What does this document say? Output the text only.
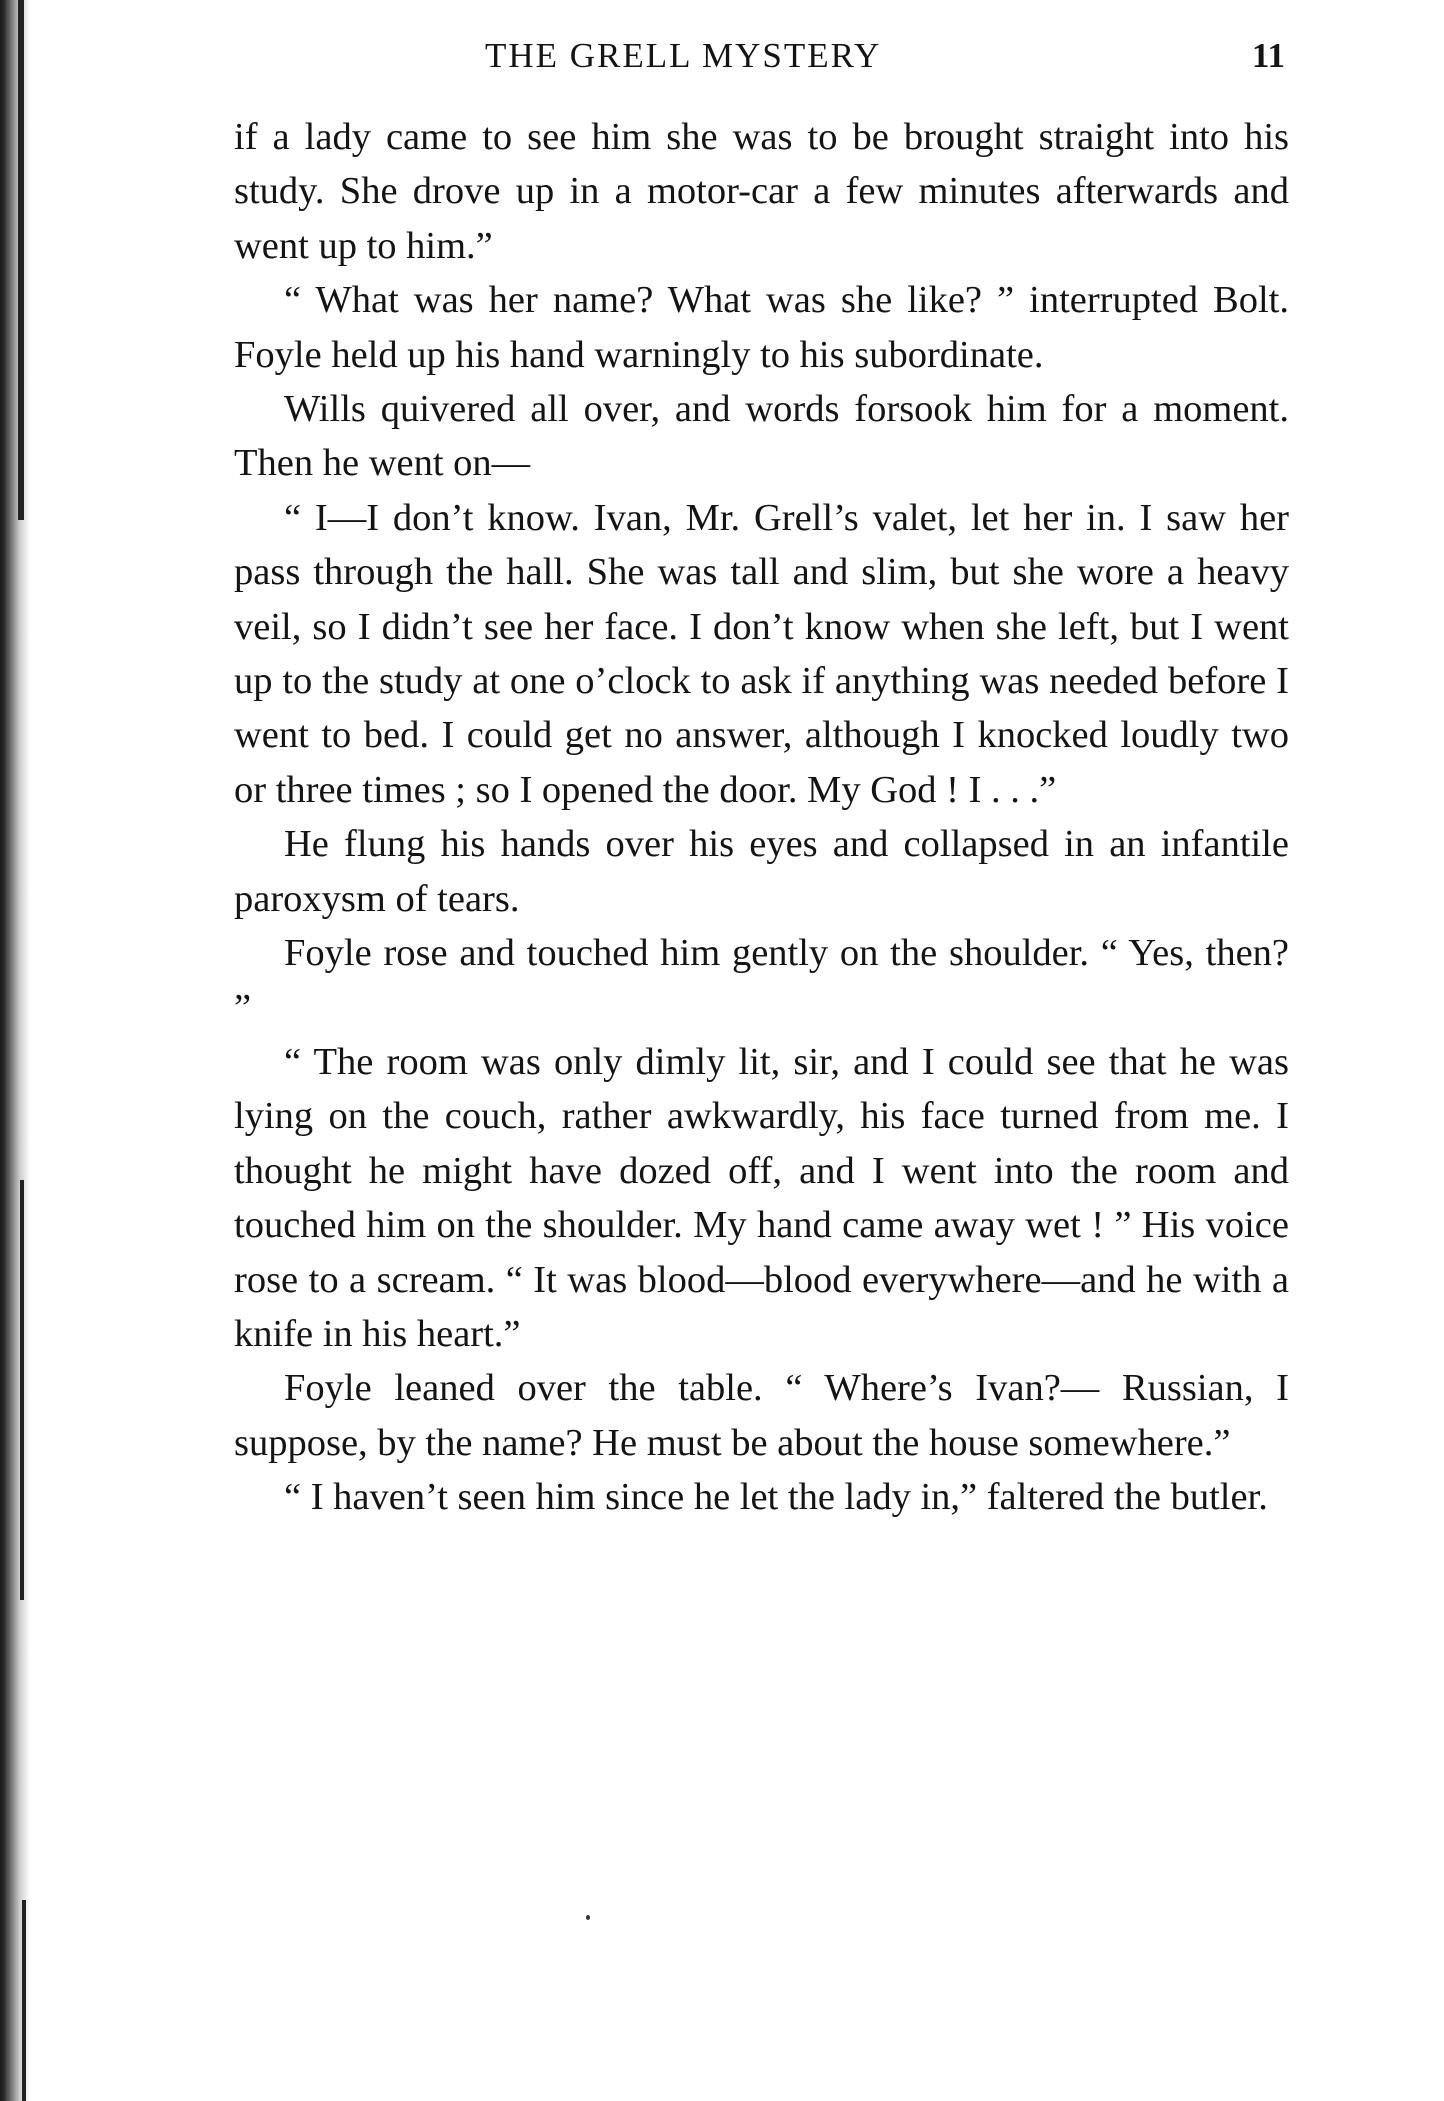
THE GRELL MYSTERY	11

if a lady came to see him she was to be brought straight into his study. She drove up in a motor-car a few minutes afterwards and went up to him.”

“ What was her name? What was she like? ” interrupted Bolt. Foyle held up his hand warningly to his subordinate.

Wills quivered all over, and words forsook him for a moment. Then he went on—

“ I—I don’t know. Ivan, Mr. Grell’s valet, let her in. I saw her pass through the hall. She was tall and slim, but she wore a heavy veil, so I didn’t see her face. I don’t know when she left, but I went up to the study at one o’clock to ask if anything was needed before I went to bed. I could get no answer, although I knocked loudly two or three times ; so I opened the door. My God ! I . . .”

He flung his hands over his eyes and collapsed in an infantile paroxysm of tears.

Foyle rose and touched him gently on the shoulder. “ Yes, then? ”

“ The room was only dimly lit, sir, and I could see that he was lying on the couch, rather awkwardly, his face turned from me. I thought he might have dozed off, and I went into the room and touched him on the shoulder. My hand came away wet ! ” His voice rose to a scream. “ It was blood—blood everywhere—and he with a knife in his heart.”

Foyle leaned over the table. “ Where’s Ivan?— Russian, I suppose, by the name? He must be about the house somewhere.”

“ I haven’t seen him since he let the lady in,” faltered the butler.
